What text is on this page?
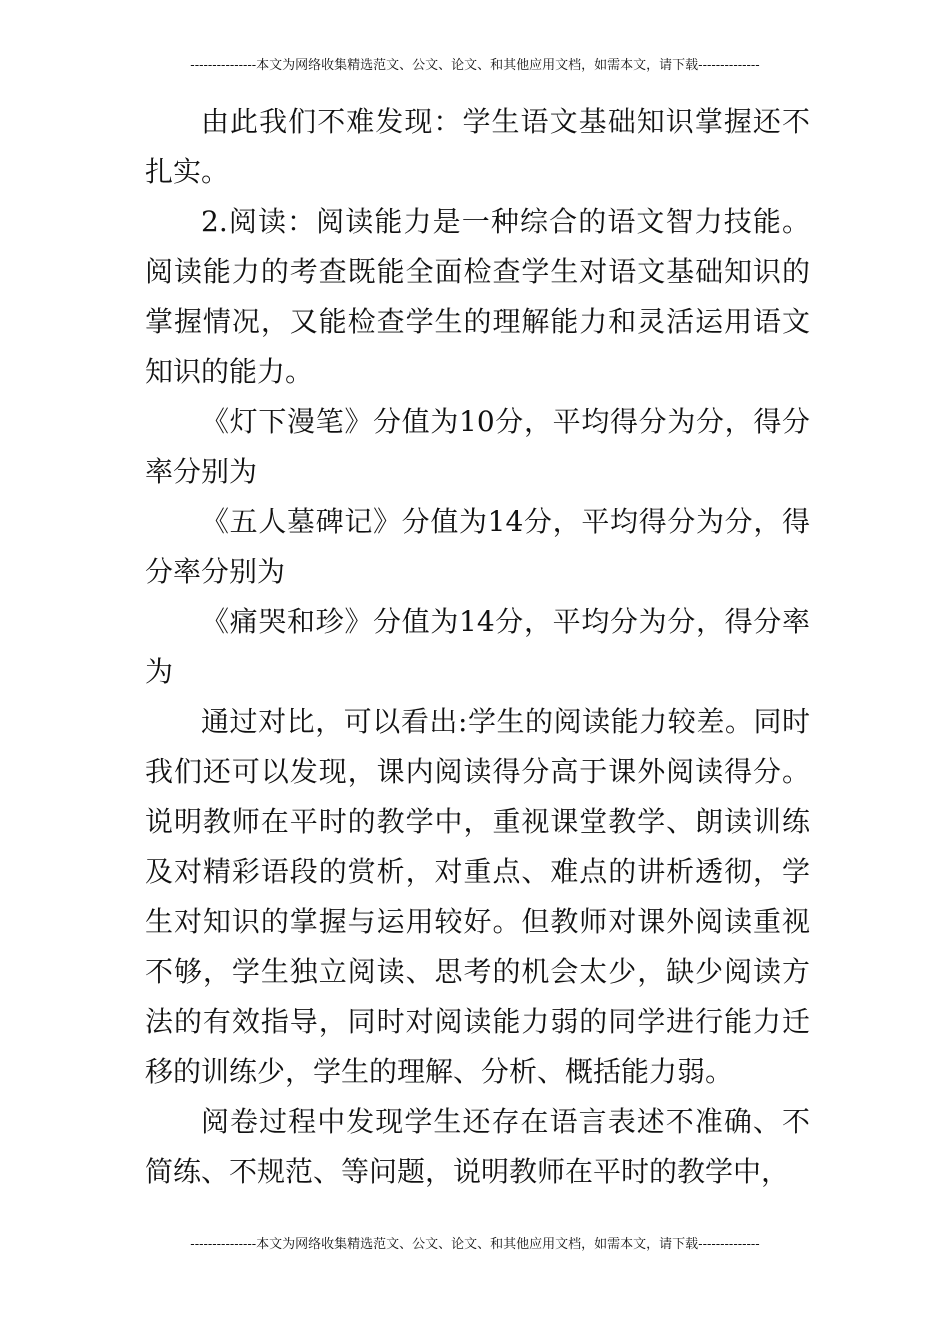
---------------本文为网络收集精选范文、公文、论文、和其他应用文档，如需本文，请下载--------------

由此我们不难发现：学生语文基础知识掌握还不扎实。

2.阅读：阅读能力是一种综合的语文智力技能。阅读能力的考查既能全面检查学生对语文基础知识的掌握情况，又能检查学生的理解能力和灵活运用语文知识的能力。

《灯下漫笔》分值为10分，平均得分为分，得分率分别为

《五人墓碑记》分值为14分，平均得分为分，得分率分别为

《痛哭和珍》分值为14分，平均分为分，得分率为

通过对比，可以看出:学生的阅读能力较差。同时我们还可以发现，课内阅读得分高于课外阅读得分。说明教师在平时的教学中，重视课堂教学、朗读训练及对精彩语段的赏析，对重点、难点的讲析透彻，学生对知识的掌握与运用较好。但教师对课外阅读重视不够，学生独立阅读、思考的机会太少，缺少阅读方法的有效指导，同时对阅读能力弱的同学进行能力迁移的训练少，学生的理解、分析、概括能力弱。

阅卷过程中发现学生还存在语言表述不准确、不简练、不规范、等问题，说明教师在平时的教学中，

---------------本文为网络收集精选范文、公文、论文、和其他应用文档，如需本文，请下载--------------
